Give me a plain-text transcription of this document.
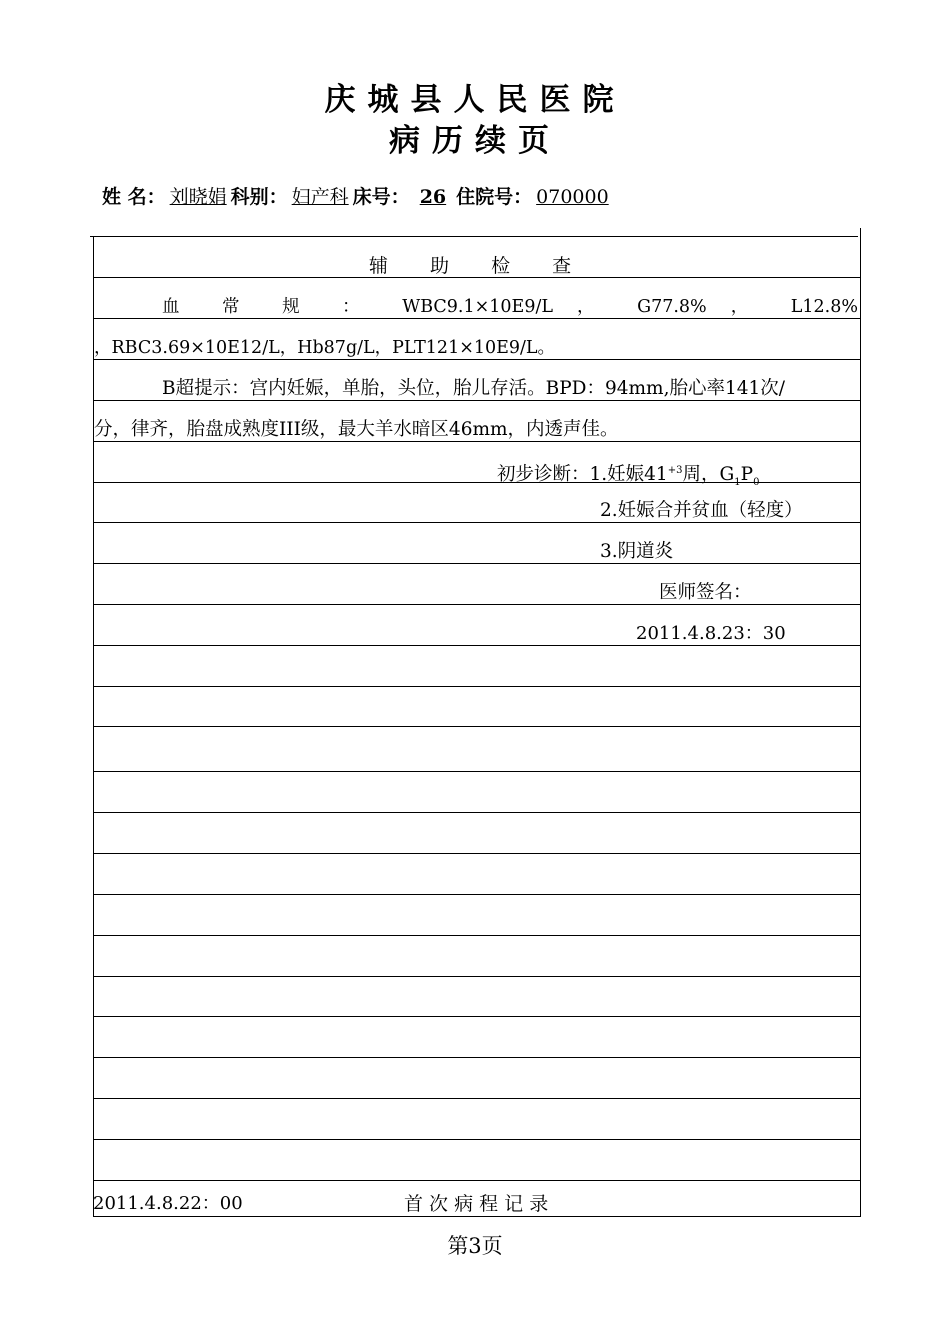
庆城县人民医院
病历续页
姓 名： 刘晓娟 科别： 妇产科 床号： 26 住院号： 070000
辅 助 检 查
血 常 规 ： WBC9.1×10E9/L ， G77.8% ， L12.8%
，RBC3.69×10E12/L，Hb87g/L，PLT121×10E9/L。
B超提示：宫内妊娠，单胎，头位，胎儿存活。BPD：94mm,胎心率141次/
分，律齐，胎盘成熟度III级，最大羊水暗区46mm，内透声佳。
初步诊断：1.妊娠$41^{+3}$周，$G_1P_0$
2.妊娠合并贫血（轻度）
3.阴道炎
医师签名：
2011.4.8.23：30
2011.4.8.22：00	首 次 病 程 记 录
第3页
